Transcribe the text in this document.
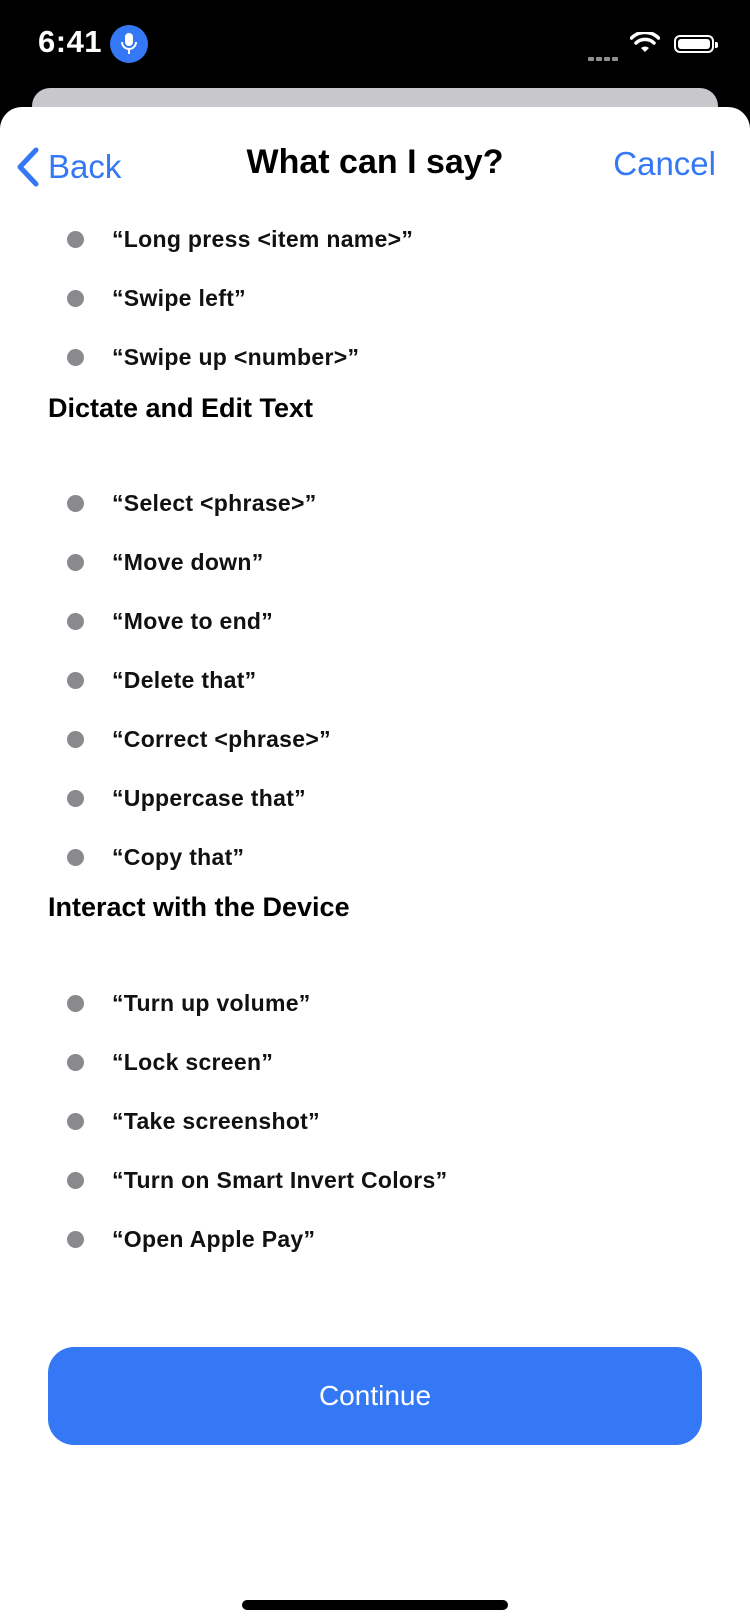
6:41
Back	What can I say?	Cancel
“Long press <item name>”
“Swipe left”
“Swipe up <number>”
Dictate and Edit Text
“Select <phrase>”
“Move down”
“Move to end”
“Delete that”
“Correct <phrase>”
“Uppercase that”
“Copy that”
Interact with the Device
“Turn up volume”
“Lock screen”
“Take screenshot”
“Turn on Smart Invert Colors”
“Open Apple Pay”
Continue
